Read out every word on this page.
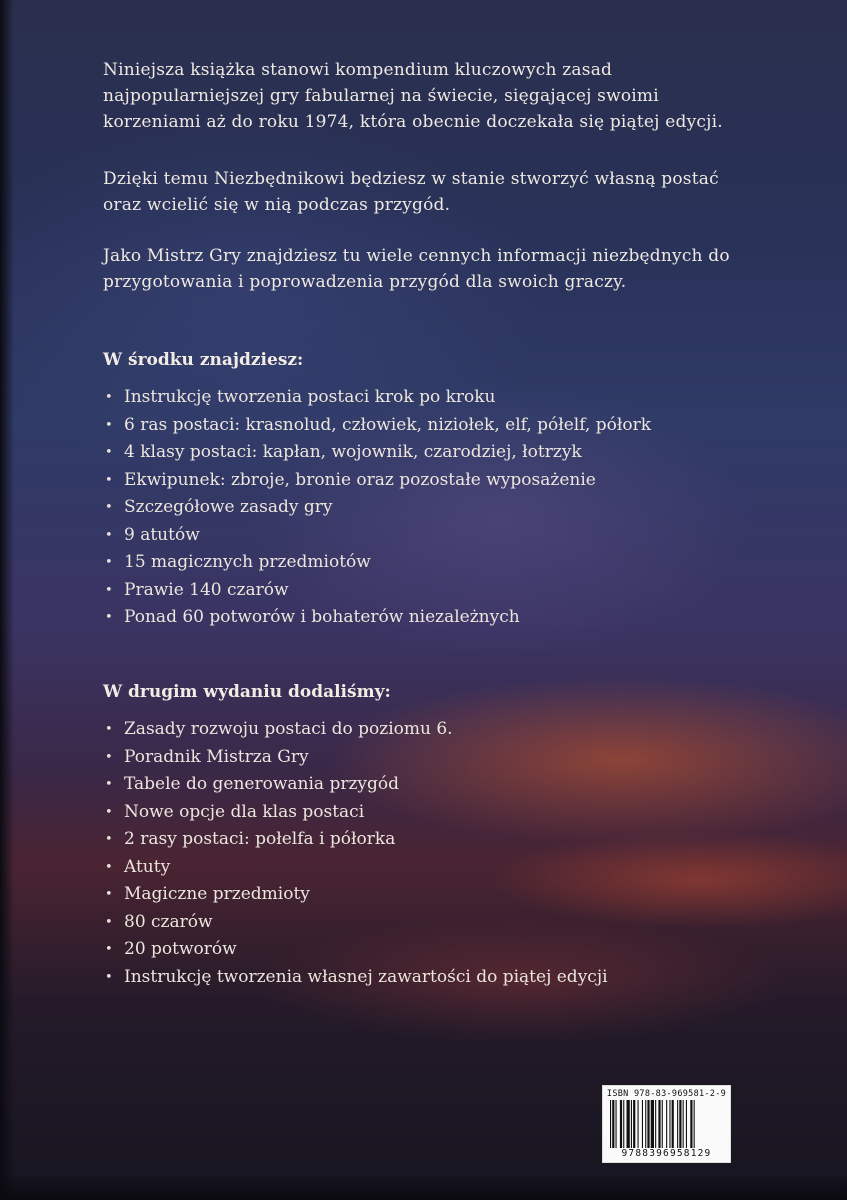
Niniejsza książka stanowi kompendium kluczowych zasad

najpopularniejszej gry fabularnej na świecie, sięgającej swoimi

korzeniami aż do roku 1974, która obecnie doczekała się piątej edycji.

Dzięki temu Niezbędnikowi będziesz w stanie stworzyć własną postać

oraz wcielić się w nią podczas przygód.

Jako Mistrz Gry znajdziesz tu wiele cennych informacji niezbędnych do

przygotowania i poprowadzenia przygód dla swoich graczy.

W środku znajdziesz:
• Instrukcję tworzenia postaci krok po kroku
• 6 ras postaci: krasnolud, człowiek, niziołek, elf, półelf, półork
• 4 klasy postaci: kapłan, wojownik, czarodziej, łotrzyk
• Ekwipunek: zbroje, bronie oraz pozostałe wyposażenie
• Szczegółowe zasady gry
• 9 atutów
• 15 magicznych przedmiotów
• Prawie 140 czarów
• Ponad 60 potworów i bohaterów niezależnych
W drugim wydaniu dodaliśmy:
• Zasady rozwoju postaci do poziomu 6.
• Poradnik Mistrza Gry
• Tabele do generowania przygód
• Nowe opcje dla klas postaci
• 2 rasy postaci: połelfa i półorka
• Atuty
• Magiczne przedmioty
• 80 czarów
• 20 potworów
• Instrukcję tworzenia własnej zawartości do piątej edycji
ISBN 978-83-969581-2-9
9788396958129
